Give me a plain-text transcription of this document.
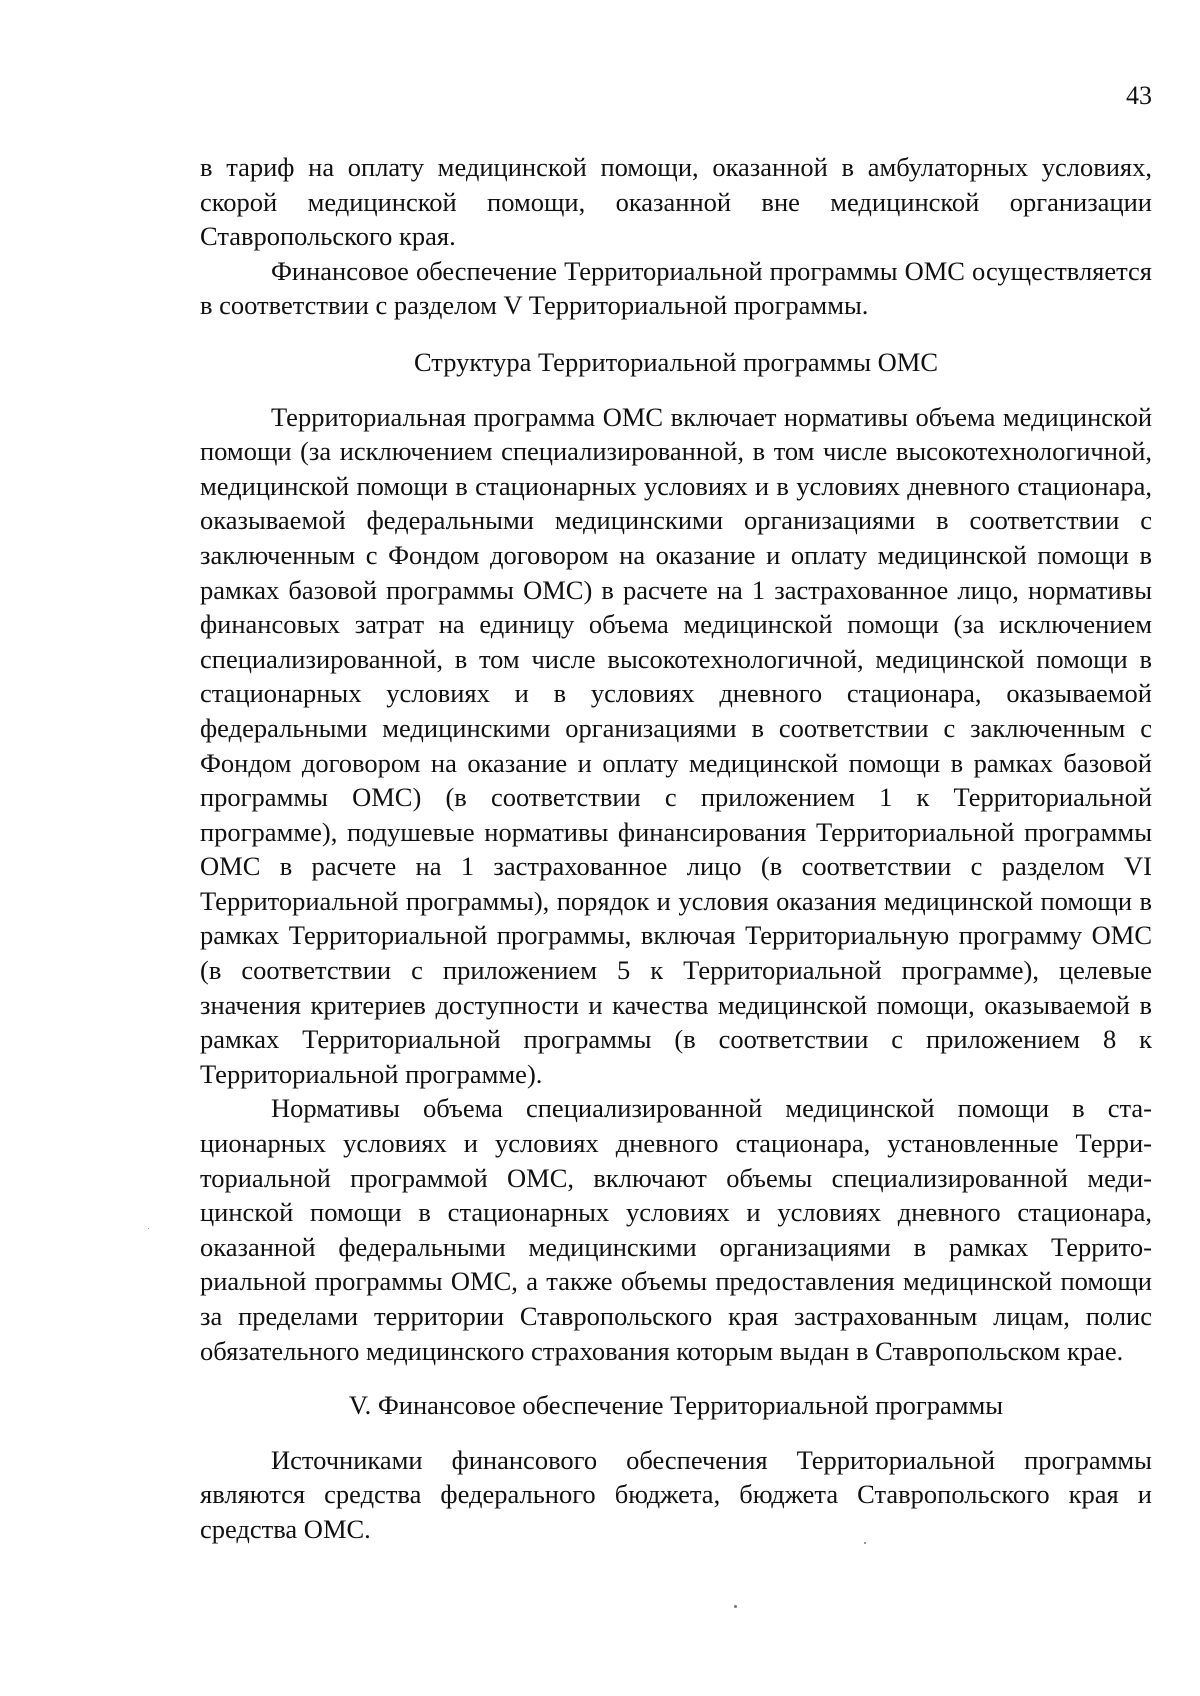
43

в тариф на оплату медицинской помощи, оказанной в амбулаторных условиях, скорой медицинской помощи, оказанной вне медицинской организации Ставропольского края.

Финансовое обеспечение Территориальной программы ОМС осуществляется в соответствии с разделом V Территориальной программы.

Структура Территориальной программы ОМС

Территориальная программа ОМС включает нормативы объема медицинской помощи (за исключением специализированной, в том числе высокотехнологичной, медицинской помощи в стационарных условиях и в условиях дневного стационара, оказываемой федеральными медицинскими организациями в соответствии с заключенным с Фондом договором на оказание и оплату медицинской помощи в рамках базовой программы ОМС) в расчете на 1 застрахованное лицо, нормативы финансовых затрат на единицу объема медицинской помощи (за исключением специализированной, в том числе высокотехнологичной, медицинской помощи в стационарных условиях и в условиях дневного стационара, оказываемой федеральными медицинскими организациями в соответствии с заключенным с Фондом договором на оказание и оплату медицинской помощи в рамках базовой программы ОМС) (в соответствии с приложением 1 к Территориальной программе), подушевые нормативы финансирования Территориальной программы ОМС в расчете на 1 застрахованное лицо (в соответствии с разделом VI Территориальной программы), порядок и условия оказания медицинской помощи в рамках Территориальной программы, включая Территориальную программу ОМС (в соответствии с приложением 5 к Территориальной программе), целевые значения критериев доступности и качества медицинской помощи, оказываемой в рамках Территориальной программы (в соответствии с приложением 8 к Территориальной программе).

Нормативы объема специализированной медицинской помощи в стационарных условиях и условиях дневного стационара, установленные Территориальной программой ОМС, включают объемы специализированной медицинской помощи в стационарных условиях и условиях дневного стационара, оказанной федеральными медицинскими организациями в рамках Территориальной программы ОМС, а также объемы предоставления медицинской помощи за пределами территории Ставропольского края застрахованным лицам, полис обязательного медицинского страхования которым выдан в Ставропольском крае.

V. Финансовое обеспечение Территориальной программы

Источниками финансового обеспечения Территориальной программы являются средства федерального бюджета, бюджета Ставропольского края и средства ОМС.
